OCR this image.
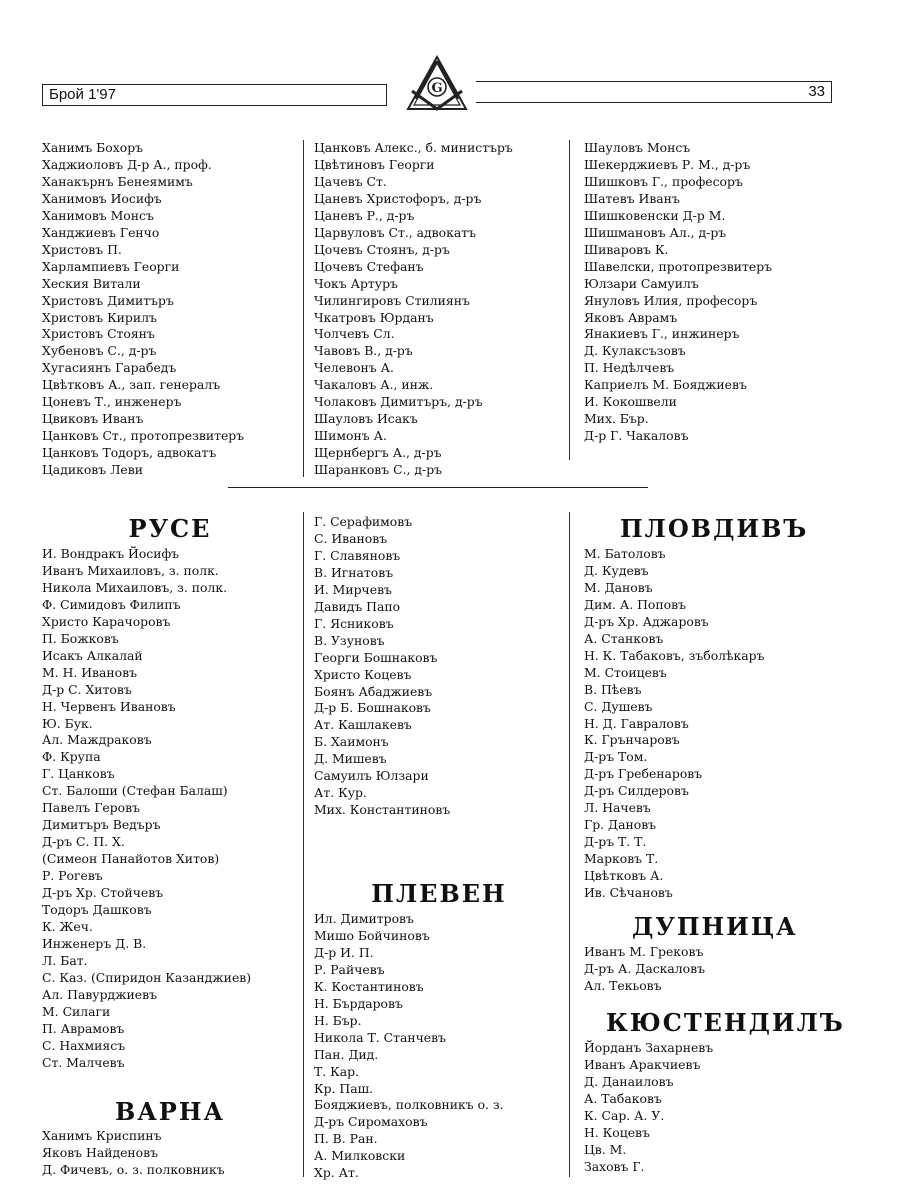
Брой 1'97	33
G
Ханимъ Бохоръ
Хаджиоловъ Д-р А., проф.
Ханакърнъ Бенеямимъ
Ханимовъ Иосифъ
Ханимовъ Монсъ
Ханджиевъ Генчо
Христовъ П.
Харлампиевъ Георги
Хеския Витали
Христовъ Димитъръ
Христовъ Кирилъ
Христовъ Стоянъ
Хубеновъ С., д-ръ
Хугасиянъ Гарабедъ
Цвѣтковъ А., зап. генералъ
Цоневъ Т., инженеръ
Цвиковъ Иванъ
Цанковъ Ст., протопрезвитеръ
Цанковъ Тодоръ, адвокатъ
Цадиковъ Леви
Цанковъ Алекс., б. министъръ
Цвѣтиновъ Георги
Цачевъ Ст.
Цаневъ Христофоръ, д-ръ
Цаневъ Р., д-ръ
Царвуловъ Ст., адвокатъ
Цочевъ Стоянъ, д-ръ
Цочевъ Стефанъ
Чокъ Артуръ
Чилингировъ Стилиянъ
Чкатровъ Юрданъ
Чолчевъ Сл.
Чавовъ В., д-ръ
Челевонъ А.
Чакаловъ А., инж.
Чолаковъ Димитъръ, д-ръ
Шауловъ Исакъ
Шимонъ А.
Щернбергъ А., д-ръ
Шаранковъ С., д-ръ
Шауловъ Монсъ
Шекерджиевъ Р. М., д-ръ
Шишковъ Г., професоръ
Шатевъ Иванъ
Шишковенски Д-р М.
Шишмановъ Ал., д-ръ
Шиваровъ К.
Шавелски, протопрезвитеръ
Юлзари Самуилъ
Януловъ Илия, професоръ
Яковъ Аврамъ
Янакиевъ Г., инжинеръ
Д. Кулаксъзовъ
П. Недѣлчевъ
Каприелъ М. Бояджиевъ
И. Кокошвели
Мих. Бър.
Д-р Г. Чакаловъ
РУСЕ
И. Вондракъ Йосифъ
Иванъ Михаиловъ, з. полк.
Никола Михаиловъ, з. полк.
Ф. Симидовъ Филипъ
Христо Карачоровъ
П. Божковъ
Исакъ Алкалай
М. Н. Ивановъ
Д-р С. Хитовъ
Н. Червенъ Ивановъ
Ю. Бук.
Ал. Маждраковъ
Ф. Крупа
Г. Цанковъ
Ст. Балоши (Стефан Балаш)
Павелъ Геровъ
Димитъръ Ведъръ
Д-ръ С. П. Х.
(Симеон Панайотов Хитов)
Р. Рогевъ
Д-ръ Хр. Стойчевъ
Тодоръ Дашковъ
К. Жеч.
Инженеръ Д. В.
Л. Бат.
С. Каз. (Спиридон Казанджиев)
Ал. Павурджиевъ
М. Силаги
П. Аврамовъ
С. Нахмиясъ
Ст. Малчевъ
ВАРНА
Ханимъ Криспинъ
Яковъ Найденовъ
Д. Фичевъ, о. з. полковникъ
Г. Серафимовъ
С. Ивановъ
Г. Славяновъ
В. Игнатовъ
И. Мирчевъ
Давидъ Папо
Г. Ясниковъ
В. Узуновъ
Георги Бошнаковъ
Христо Коцевъ
Боянъ Абаджиевъ
Д-р Б. Бошнаковъ
Ат. Кашлакевъ
Б. Хаимонъ
Д. Мишевъ
Самуилъ Юлзари
Ат. Кур.
Мих. Константиновъ
ПЛЕВЕН
Ил. Димитровъ
Мишо Бойчиновъ
Д-р И. П.
Р. Райчевъ
К. Костантиновъ
Н. Бърдаровъ
Н. Бър.
Никола Т. Станчевъ
Пан. Дид.
Т. Кар.
Кр. Паш.
Бояджиевъ, полковникъ о. з.
Д-ръ Сиромаховъ
П. В. Ран.
А. Милковски
Хр. Ат.
ПЛОВДИВЪ
М. Батоловъ
Д. Кудевъ
М. Дановъ
Дим. А. Поповъ
Д-ръ Хр. Аджаровъ
А. Станковъ
Н. К. Табаковъ, зъболѣкаръ
М. Стоицевъ
В. Пѣевъ
С. Душевъ
Н. Д. Гавраловъ
К. Грънчаровъ
Д-ръ Том.
Д-ръ Гребенаровъ
Д-ръ Силдеровъ
Л. Начевъ
Гр. Дановъ
Д-ръ Т. Т.
Марковъ Т.
Цвѣтковъ А.
Ив. Сѣчановъ
ДУПНИЦА
Иванъ М. Грековъ
Д-ръ А. Даскаловъ
Ал. Текьовъ
КЮСТЕНДИЛЪ
Йорданъ Захарневъ
Иванъ Аракчиевъ
Д. Данаиловъ
А. Табаковъ
К. Сар. А. У.
Н. Коцевъ
Цв. М.
Заховъ Г.
